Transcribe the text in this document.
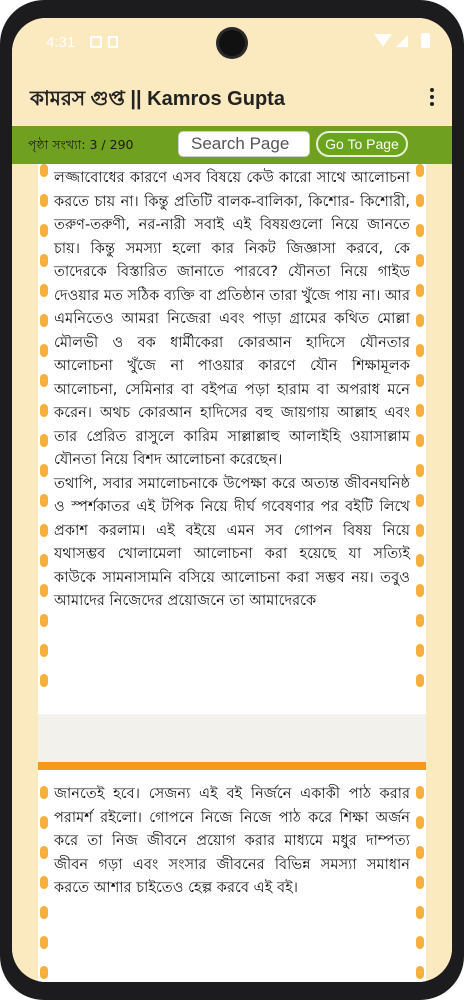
4:31
কামরস গুপ্ত || Kamros Gupta
পৃষ্ঠা সংখ্যা: 3 / 290
Search Page	Go To Page

লজ্জাবোধের কারণে এসব বিষয়ে কেউ কারো সাথে আলোচনা করতে চায় না। কিন্তু প্রতিটি বালক-বালিকা, কিশোর- কিশোরী, তরুণ-তরুণী, নর-নারী সবাই এই বিষয়গুলো নিয়ে জানতে চায়। কিন্তু সমস্যা হলো কার নিকট জিজ্ঞাসা করবে, কে তাদেরকে বিস্তারিত জানাতে পারবে? যৌনতা নিয়ে গাইড দেওয়ার মত সঠিক ব্যক্তি বা প্রতিষ্ঠান তারা খুঁজে পায় না। আর এমনিতেও আমরা নিজেরা এবং পাড়া গ্রামের কথিত মোল্লা মৌলভী ও বক ধার্মীকেরা কোরআন হাদিসে যৌনতার আলোচনা খুঁজে না পাওয়ার কারণে যৌন শিক্ষামূলক আলোচনা, সেমিনার বা বইপত্র পড়া হারাম বা অপরাধ মনে করেন। অথচ কোরআন হাদিসের বহু জায়গায় আল্লাহ এবং তার প্রেরিত রাসুলে কারিম সাল্লাল্লাহু আলাইহি ওয়াসাল্লাম যৌনতা নিয়ে বিশদ আলোচনা করেছেন।

তথাপি, সবার সমালোচনাকে উপেক্ষা করে অত্যন্ত জীবনঘনিষ্ঠ ও স্পর্শকাতর এই টপিক নিয়ে দীর্ঘ গবেষণার পর বইটি লিখে প্রকাশ করলাম। এই বইয়ে এমন সব গোপন বিষয় নিয়ে যথাসম্ভব খোলামেলা আলোচনা করা হয়েছে যা সত্যিই কাউকে সামনাসামনি বসিয়ে আলোচনা করা সম্ভব নয়। তবুও আমাদের নিজেদের প্রয়োজনে তা আমাদেরকে

জানতেই হবে। সেজন্য এই বই নির্জনে একাকী পাঠ করার পরামর্শ রইলো। গোপনে নিজে নিজে পাঠ করে শিক্ষা অর্জন করে তা নিজ জীবনে প্রয়োগ করার মাধ্যমে মধুর দাম্পত্য জীবন গড়া এবং সংসার জীবনের বিভিন্ন সমস্যা সমাধান করতে আশার চাইতেও হেল্প করবে এই বই।
